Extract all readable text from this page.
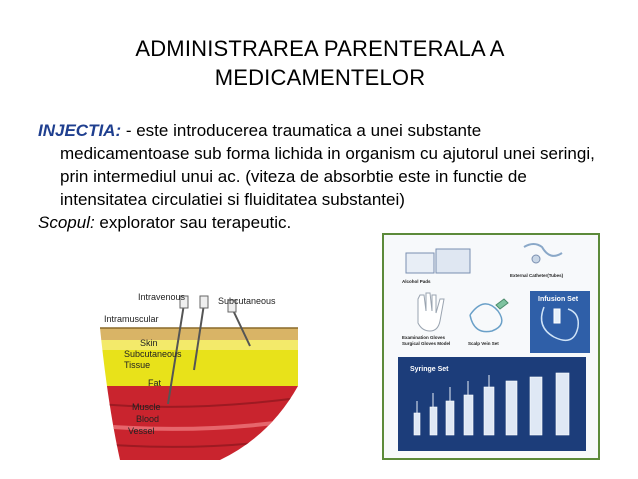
ADMINISTRAREA PARENTERALA A
MEDICAMENTELOR

INJECTIA: - este introducerea traumatica a unei substante medicamentoase sub forma lichida in organism cu ajutorul unei seringi, prin intermediul unui ac. (viteza de absorbtie este in functie de intensitatea circulatiei si fluiditatea substantei)

Scopul: explorator sau terapeutic.

Intravenous	Subcutaneous
Intramuscular
Skin
Subcutaneous
Tissue
Fat
Muscle
Blood
Vessel
Alcohol Pads
External Catheter(Tubes)
Examination Gloves
Surgical Gloves Model	Scalp Vein Set
Infusion Set
Syringe Set
